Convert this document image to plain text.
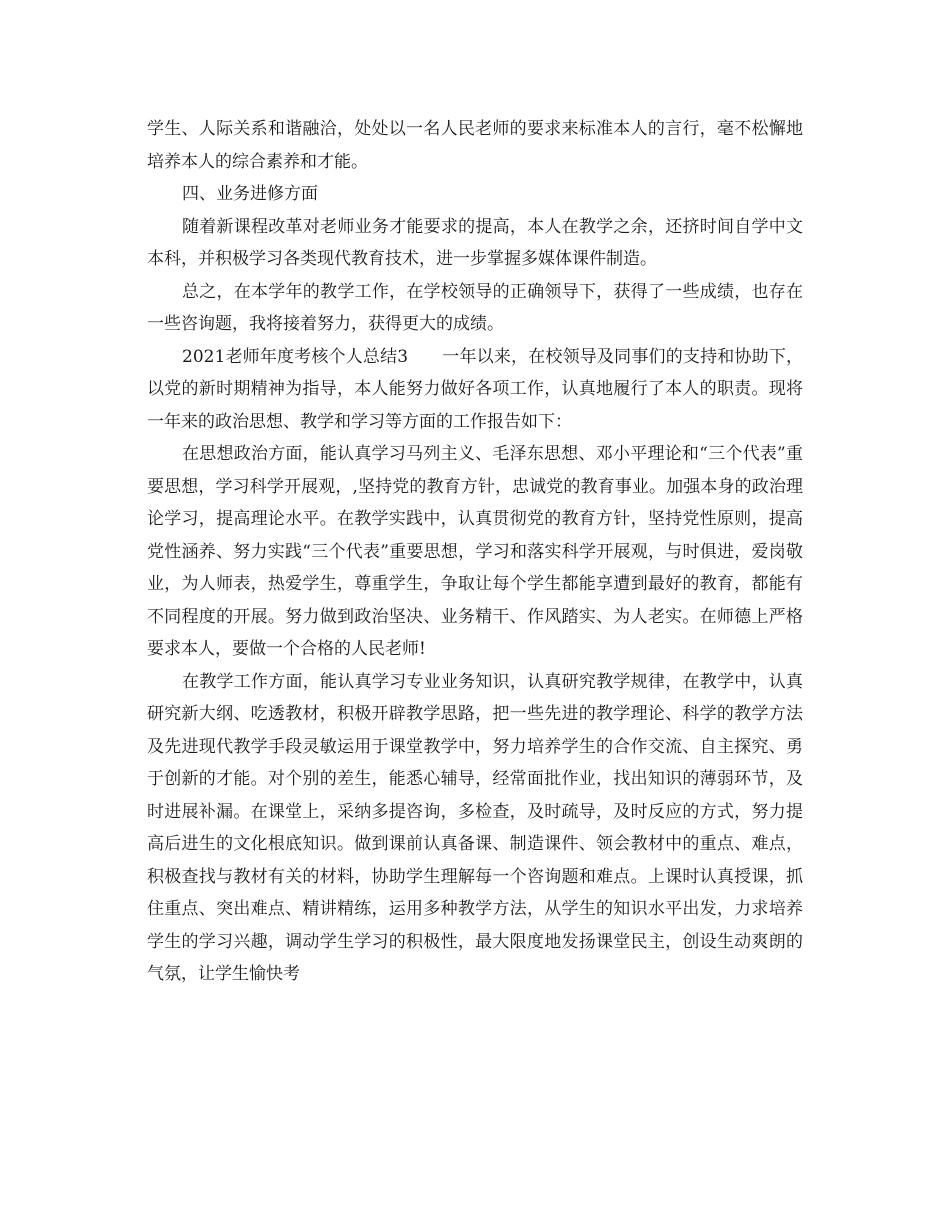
学生、人际关系和谐融洽，处处以一名人民老师的要求来标准本人的言行，毫不松懈地培养本人的综合素养和才能。

四、业务进修方面

随着新课程改革对老师业务才能要求的提高，本人在教学之余，还挤时间自学中文本科，并积极学习各类现代教育技术，进一步掌握多媒体课件制造。

总之，在本学年的教学工作，在学校领导的正确领导下，获得了一些成绩，也存在一些咨询题，我将接着努力，获得更大的成绩。

2021老师年度考核个人总结3 一年以来，在校领导及同事们的支持和协助下，以党的新时期精神为指导，本人能努力做好各项工作，认真地履行了本人的职责。现将一年来的政治思想、教学和学习等方面的工作报告如下：

在思想政治方面，能认真学习马列主义、毛泽东思想、邓小平理论和“三个代表”重要思想，学习科学开展观，,坚持党的教育方针，忠诚党的教育事业。加强本身的政治理论学习，提高理论水平。在教学实践中，认真贯彻党的教育方针，坚持党性原则，提高党性涵养、努力实践“三个代表”重要思想，学习和落实科学开展观，与时俱进，爱岗敬业，为人师表，热爱学生，尊重学生，争取让每个学生都能享遭到最好的教育，都能有不同程度的开展。努力做到政治坚决、业务精干、作风踏实、为人老实。在师德上严格要求本人，要做一个合格的人民老师!

在教学工作方面，能认真学习专业业务知识，认真研究教学规律，在教学中，认真研究新大纲、吃透教材，积极开辟教学思路，把一些先进的教学理论、科学的教学方法及先进现代教学手段灵敏运用于课堂教学中，努力培养学生的合作交流、自主探究、勇于创新的才能。对个别的差生，能悉心辅导，经常面批作业，找出知识的薄弱环节，及时进展补漏。在课堂上，采纳多提咨询，多检查，及时疏导，及时反应的方式，努力提高后进生的文化根底知识。做到课前认真备课、制造课件、领会教材中的重点、难点，积极查找与教材有关的材料，协助学生理解每一个咨询题和难点。上课时认真授课，抓住重点、突出难点、精讲精练，运用多种教学方法，从学生的知识水平出发，力求培养学生的学习兴趣，调动学生学习的积极性，最大限度地发扬课堂民主，创设生动爽朗的气氛，让学生愉快考
